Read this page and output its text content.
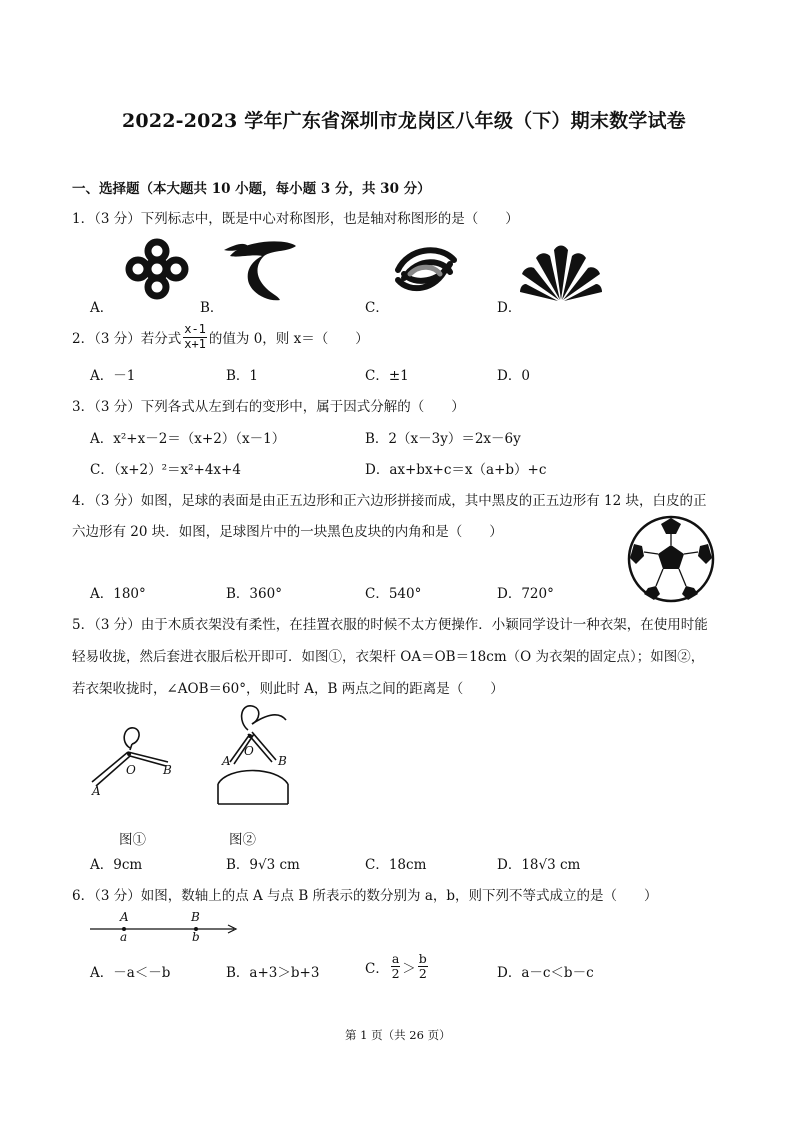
2022-2023 学年广东省深圳市龙岗区八年级（下）期末数学试卷
一、选择题（本大题共 10 小题，每小题 3 分，共 30 分）
1．（3 分）下列标志中，既是中心对称图形，也是轴对称图形的是（　　）
A．	B．	C．	D．
2．（3 分）若分式 $\frac{x-1}{x+1}$ 的值为 0，则 x＝（　　）
A．－1	B．1	C．±1	D．0
3．（3 分）下列各式从左到右的变形中，属于因式分解的（　　）
A．x²+x－2＝（x+2）（x－1）	B．2（x－3y）＝2x－6y
C．（x+2）²＝x²+4x+4	D．ax+bx+c＝x（a+b）+c
4．（3 分）如图，足球的表面是由正五边形和正六边形拼接而成，其中黑皮的正五边形有 12 块，白皮的正
六边形有 20 块．如图，足球图片中的一块黑色皮块的内角和是（　　）
A．180°	B．360°	C．540°	D．720°
5．（3 分）由于木质衣架没有柔性，在挂置衣服的时候不太方便操作．小颖同学设计一种衣架，在使用时能
轻易收拢，然后套进衣服后松开即可．如图①，衣架杆 OA＝OB＝18cm（O 为衣架的固定点）；如图②，
若衣架收拢时，∠AOB＝60°，则此时 A，B 两点之间的距离是（　　）
O B
A
O
A	B
图①	图②
A．9cm	B．9√3 cm	C．18cm	D．18√3 cm
6．（3 分）如图，数轴上的点 A 与点 B 所表示的数分别为 a，b，则下列不等式成立的是（　　）
A	B
a	b
A．－a＜－b	B．a+3＞b+3	C． $\frac{a}{2} > \frac{b}{2}$	D．a－c＜b－c
第 1 页（共 26 页）
